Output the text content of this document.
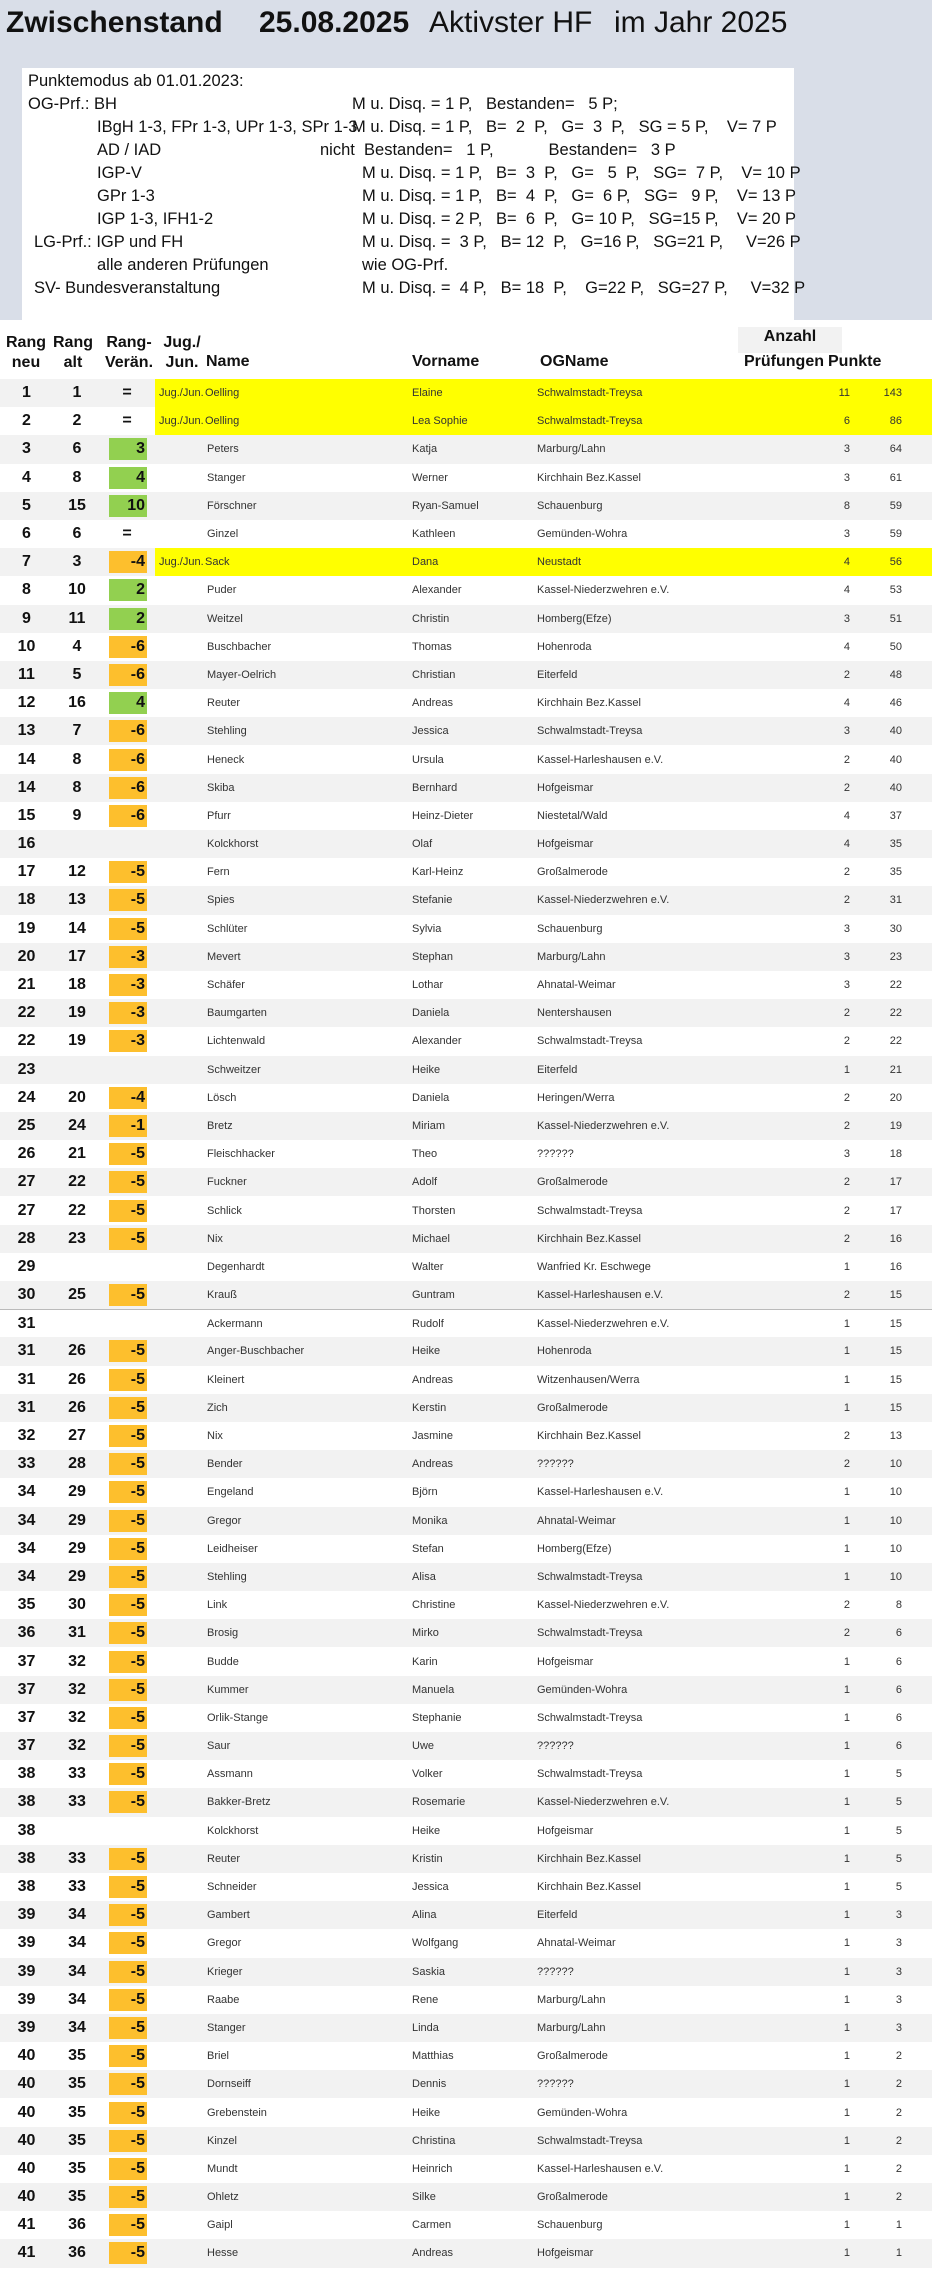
Zwischenstand 25.08.2025 Aktivster HF im Jahr 2025
Punktemodus ab 01.01.2023:
OG-Prf.: BH	M u. Disq. = 1 P,   Bestanden=   5 P;
IBgH 1-3, FPr 1-3, UPr 1-3, SPr 1-3
M u. Disq. = 1 P,   B=  2  P,   G=  3  P,   SG = 5 P,    V= 7 P
AD / IAD	nicht  Bestanden=   1 P,            Bestanden=   3 P
IGP-V	M u. Disq. = 1 P,   B=  3  P,   G=   5  P,   SG=  7 P,    V= 10 P
GPr 1-3	M u. Disq. = 1 P,   B=  4  P,   G=  6 P,   SG=   9 P,    V= 13 P
IGP 1-3, IFH1-2	M u. Disq. = 2 P,   B=  6  P,   G= 10 P,   SG=15 P,    V= 20 P
LG-Prf.: IGP und FH	M u. Disq. =  3 P,   B= 12  P,   G=16 P,   SG=21 P,     V=26 P
alle anderen Prüfungen	wie OG-Prf.
SV- Bundesveranstaltung	M u. Disq. =  4 P,   B= 18  P,    G=22 P,   SG=27 P,     V=32 P
Rang
neu
Rang
alt
Rang-
Verän.
Jug./
Jun. Name	Vorname	OGName
Anzahl
Prüfungen Punkte
1	1	=	Jug./Jun.	Oelling	Elaine	Schwalmstadt-Treysa	11	143	
2	2	=	Jug./Jun.	Oelling	Lea Sophie	Schwalmstadt-Treysa	6	86	
3	6	3		Peters	Katja	Marburg/Lahn	3	64	
4	8	4		Stanger	Werner	Kirchhain Bez.Kassel	3	61	
5	15	10		Förschner	Ryan-Samuel	Schauenburg	8	59	
6	6	=		Ginzel	Kathleen	Gemünden-Wohra	3	59	
7	3	-4	Jug./Jun.	Sack	Dana	Neustadt	4	56	
8	10	2		Puder	Alexander	Kassel-Niederzwehren e.V.	4	53	
9	11	2		Weitzel	Christin	Homberg(Efze)	3	51	
10	4	-6		Buschbacher	Thomas	Hohenroda	4	50	
11	5	-6		Mayer-Oelrich	Christian	Eiterfeld	2	48	
12	16	4		Reuter	Andreas	Kirchhain Bez.Kassel	4	46	
13	7	-6		Stehling	Jessica	Schwalmstadt-Treysa	3	40	
14	8	-6		Heneck	Ursula	Kassel-Harleshausen e.V.	2	40	
14	8	-6		Skiba	Bernhard	Hofgeismar	2	40	
15	9	-6		Pfurr	Heinz-Dieter	Niestetal/Wald	4	37	
16				Kolckhorst	Olaf	Hofgeismar	4	35	
17	12	-5		Fern	Karl-Heinz	Großalmerode	2	35	
18	13	-5		Spies	Stefanie	Kassel-Niederzwehren e.V.	2	31	
19	14	-5		Schlüter	Sylvia	Schauenburg	3	30	
20	17	-3		Mevert	Stephan	Marburg/Lahn	3	23	
21	18	-3		Schäfer	Lothar	Ahnatal-Weimar	3	22	
22	19	-3		Baumgarten	Daniela	Nentershausen	2	22	
22	19	-3		Lichtenwald	Alexander	Schwalmstadt-Treysa	2	22	
23				Schweitzer	Heike	Eiterfeld	1	21	
24	20	-4		Lösch	Daniela	Heringen/Werra	2	20	
25	24	-1		Bretz	Miriam	Kassel-Niederzwehren e.V.	2	19	
26	21	-5		Fleischhacker	Theo	??????	3	18	
27	22	-5		Fuckner	Adolf	Großalmerode	2	17	
27	22	-5		Schlick	Thorsten	Schwalmstadt-Treysa	2	17	
28	23	-5		Nix	Michael	Kirchhain Bez.Kassel	2	16	
29				Degenhardt	Walter	Wanfried Kr. Eschwege	1	16	
30	25	-5		Krauß	Guntram	Kassel-Harleshausen e.V.	2	15	
31				Ackermann	Rudolf	Kassel-Niederzwehren e.V.	1	15	
31	26	-5		Anger-Buschbacher	Heike	Hohenroda	1	15	
31	26	-5		Kleinert	Andreas	Witzenhausen/Werra	1	15	
31	26	-5		Zich	Kerstin	Großalmerode	1	15	
32	27	-5		Nix	Jasmine	Kirchhain Bez.Kassel	2	13	
33	28	-5		Bender	Andreas	??????	2	10	
34	29	-5		Engeland	Björn	Kassel-Harleshausen e.V.	1	10	
34	29	-5		Gregor	Monika	Ahnatal-Weimar	1	10	
34	29	-5		Leidheiser	Stefan	Homberg(Efze)	1	10	
34	29	-5		Stehling	Alisa	Schwalmstadt-Treysa	1	10	
35	30	-5		Link	Christine	Kassel-Niederzwehren e.V.	2	8	
36	31	-5		Brosig	Mirko	Schwalmstadt-Treysa	2	6	
37	32	-5		Budde	Karin	Hofgeismar	1	6	
37	32	-5		Kummer	Manuela	Gemünden-Wohra	1	6	
37	32	-5		Orlik-Stange	Stephanie	Schwalmstadt-Treysa	1	6	
37	32	-5		Saur	Uwe	??????	1	6	
38	33	-5		Assmann	Volker	Schwalmstadt-Treysa	1	5	
38	33	-5		Bakker-Bretz	Rosemarie	Kassel-Niederzwehren e.V.	1	5	
38				Kolckhorst	Heike	Hofgeismar	1	5	
38	33	-5		Reuter	Kristin	Kirchhain Bez.Kassel	1	5	
38	33	-5		Schneider	Jessica	Kirchhain Bez.Kassel	1	5	
39	34	-5		Gambert	Alina	Eiterfeld	1	3	
39	34	-5		Gregor	Wolfgang	Ahnatal-Weimar	1	3	
39	34	-5		Krieger	Saskia	??????	1	3	
39	34	-5		Raabe	Rene	Marburg/Lahn	1	3	
39	34	-5		Stanger	Linda	Marburg/Lahn	1	3	
40	35	-5		Briel	Matthias	Großalmerode	1	2	
40	35	-5		Dornseiff	Dennis	??????	1	2	
40	35	-5		Grebenstein	Heike	Gemünden-Wohra	1	2	
40	35	-5		Kinzel	Christina	Schwalmstadt-Treysa	1	2	
40	35	-5		Mundt	Heinrich	Kassel-Harleshausen e.V.	1	2	
40	35	-5		Ohletz	Silke	Großalmerode	1	2	
41	36	-5		Gaipl	Carmen	Schauenburg	1	1	
41	36	-5		Hesse	Andreas	Hofgeismar	1	1	
